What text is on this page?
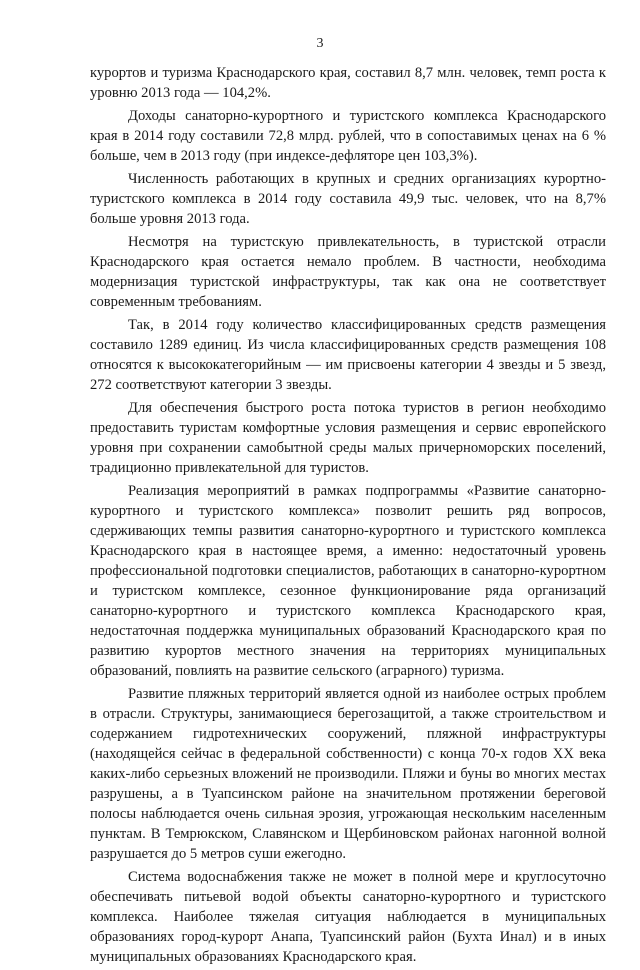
3

курортов и туризма Краснодарского края, составил 8,7 млн. человек, темп роста к уровню 2013 года — 104,2%.

Доходы санаторно-курортного и туристского комплекса Краснодарского края в 2014 году составили 72,8 млрд. рублей, что в сопоставимых ценах на 6 % больше, чем в 2013 году (при индексе-дефляторе цен 103,3%).

Численность работающих в крупных и средних организациях курортно-туристского комплекса в 2014 году составила 49,9 тыс. человек, что на 8,7% больше уровня 2013 года.

Несмотря на туристскую привлекательность, в туристской отрасли Краснодарского края остается немало проблем. В частности, необходима модернизация туристской инфраструктуры, так как она не соответствует современным требованиям.

Так, в 2014 году количество классифицированных средств размещения составило 1289 единиц. Из числа классифицированных средств размещения 108 относятся к высококатегорийным — им присвоены категории 4 звезды и 5 звезд, 272 соответствуют категории 3 звезды.

Для обеспечения быстрого роста потока туристов в регион необходимо предоставить туристам комфортные условия размещения и сервис европейского уровня при сохранении самобытной среды малых причерноморских поселений, традиционно привлекательной для туристов.

Реализация мероприятий в рамках подпрограммы «Развитие санаторно-курортного и туристского комплекса» позволит решить ряд вопросов, сдерживающих темпы развития санаторно-курортного и туристского комплекса Краснодарского края в настоящее время, а именно: недостаточный уровень профессиональной подготовки специалистов, работающих в санаторно-курортном и туристском комплексе, сезонное функционирование ряда организаций санаторно-курортного и туристского комплекса Краснодарского края, недостаточная поддержка муниципальных образований Краснодарского края по развитию курортов местного значения на территориях муниципальных образований, повлиять на развитие сельского (аграрного) туризма.

Развитие пляжных территорий является одной из наиболее острых проблем в отрасли. Структуры, занимающиеся берегозащитой, а также строительством и содержанием гидротехнических сооружений, пляжной инфраструктуры (находящейся сейчас в федеральной собственности) с конца 70-х годов XX века каких-либо серьезных вложений не производили. Пляжи и буны во многих местах разрушены, а в Туапсинском районе на значительном протяжении береговой полосы наблюдается очень сильная эрозия, угрожающая нескольким населенным пунктам. В Темрюкском, Славянском и Щербиновском районах нагонной волной разрушается до 5 метров суши ежегодно.

Система водоснабжения также не может в полной мере и круглосуточно обеспечивать питьевой водой объекты санаторно-курортного и туристского комплекса. Наиболее тяжелая ситуация наблюдается в муниципальных образованиях город-курорт Анапа, Туапсинский район (Бухта Инал) и в иных муниципальных образованиях Краснодарского края.
